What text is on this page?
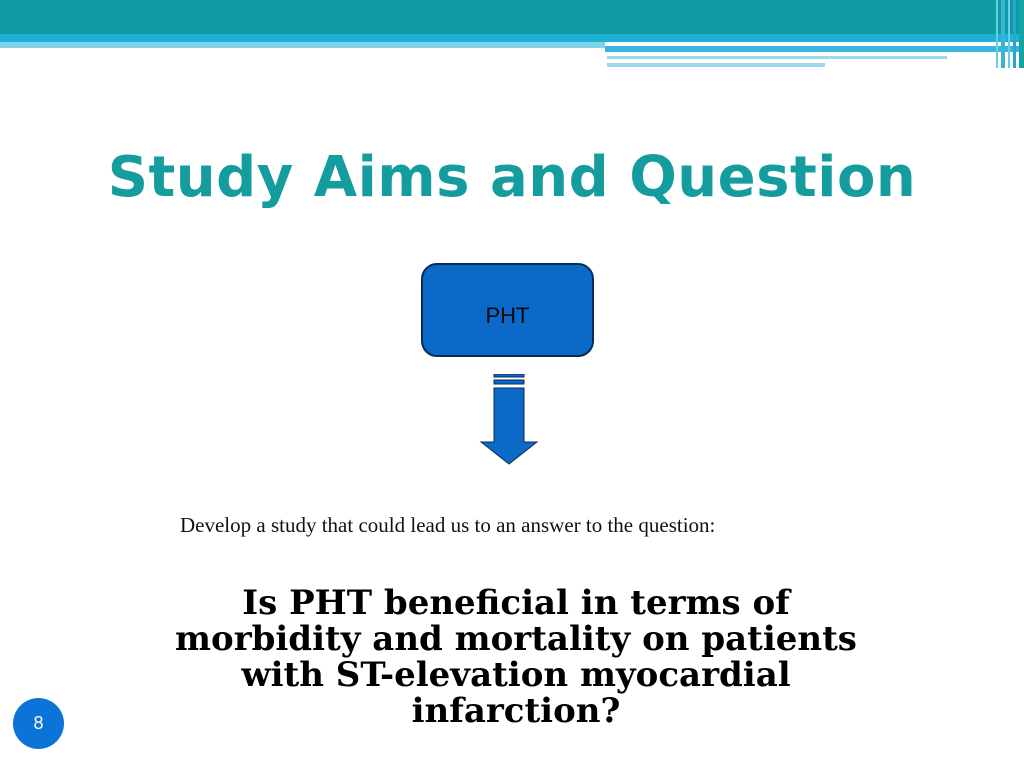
Study Aims and Question
PHT
Develop a study that could lead us to an answer to the question:
Is PHT beneficial in terms of morbidity and mortality on patients with ST-elevation myocardial infarction?
8
